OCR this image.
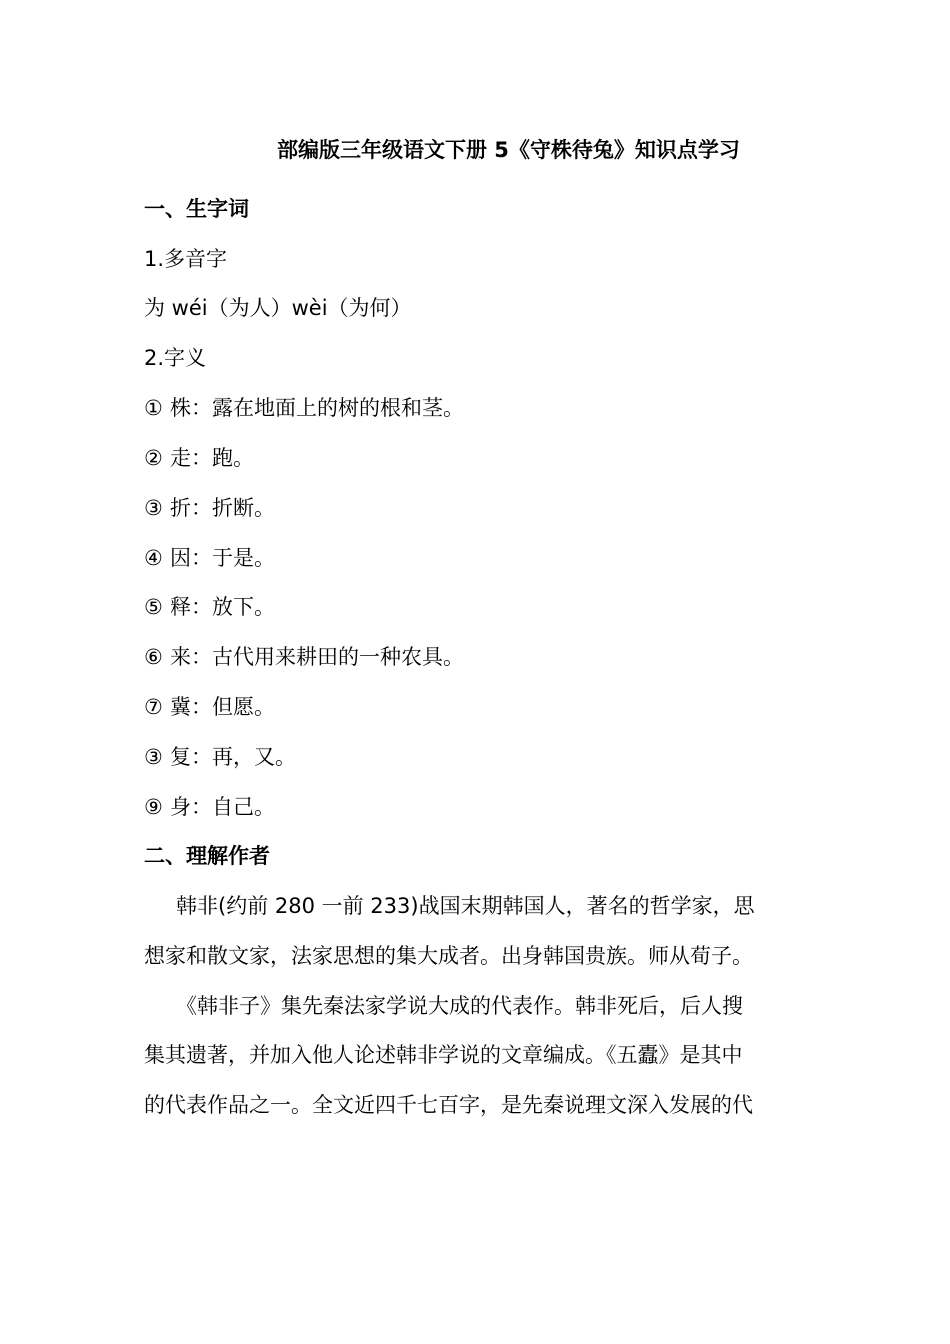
部编版三年级语文下册 5《守株待兔》知识点学习
一、生字词
1.多音字
为 wéi（为人）wèi（为何）
2.字义
① 株：露在地面上的树的根和茎。
② 走：跑。
③ 折：折断。
④ 因：于是。
⑤ 释：放下。
⑥ 来：古代用来耕田的一种农具。
⑦ 冀：但愿。
③ 复：再，又。
⑨ 身：自己。
二、理解作者
韩非(约前 280 一前 233)战国末期韩国人，著名的哲学家，思
想家和散文家，法家思想的集大成者。出身韩国贵族。师从荀子。
《韩非子》集先秦法家学说大成的代表作。韩非死后，后人搜
集其遗著，并加入他人论述韩非学说的文章编成。《五蠹》是其中
的代表作品之一。全文近四千七百字，是先秦说理文深入发展的代
